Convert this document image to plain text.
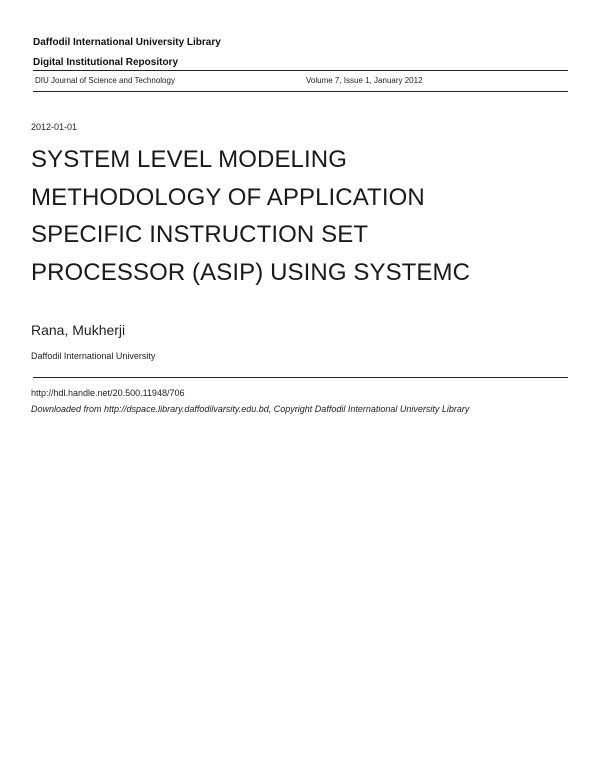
Daffodil International University Library
Digital Institutional Repository
DIU Journal of Science and Technology	Volume 7, Issue 1, January 2012
2012-01-01
SYSTEM LEVEL MODELING
METHODOLOGY OF APPLICATION
SPECIFIC INSTRUCTION SET
PROCESSOR (ASIP) USING SYSTEMC
Rana, Mukherji
Daffodil International University
http://hdl.handle.net/20.500.11948/706
Downloaded from http://dspace.library.daffodilvarsity.edu.bd, Copyright Daffodil International University Library
